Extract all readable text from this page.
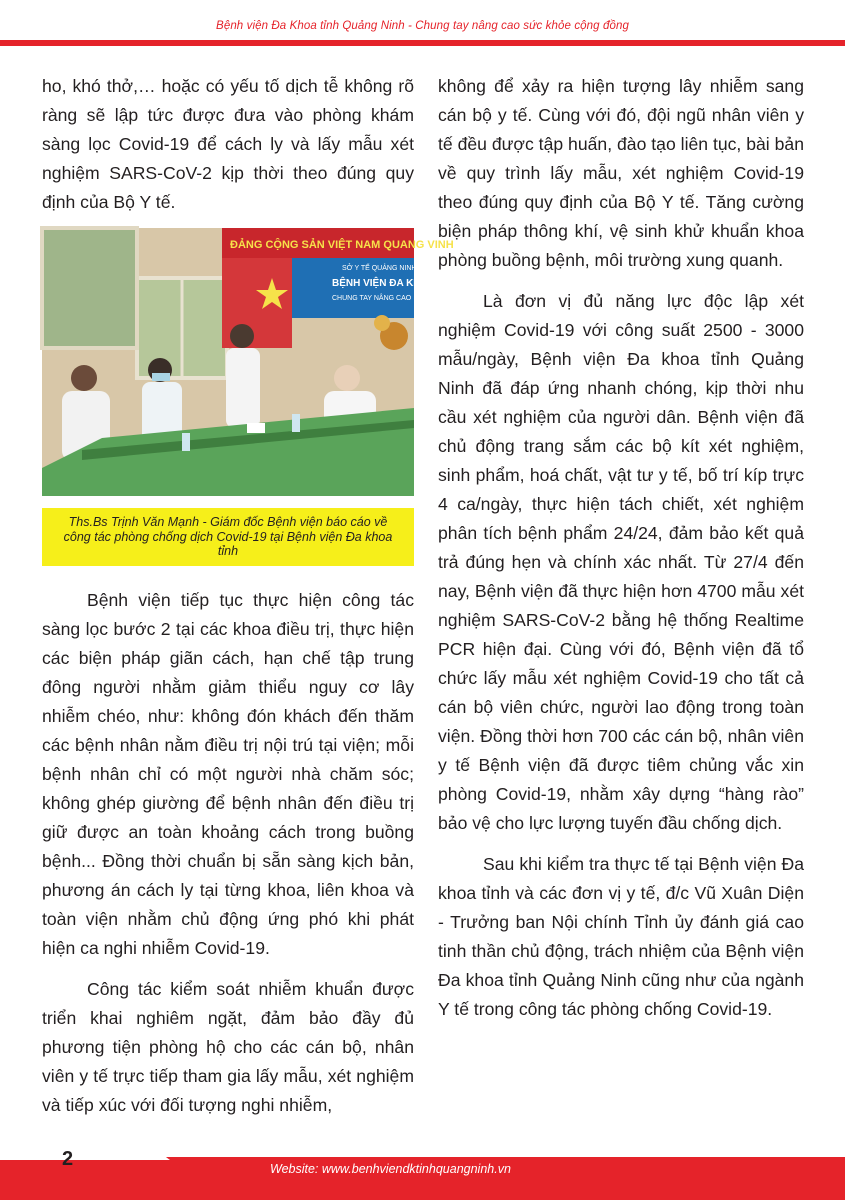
Bệnh viện Đa Khoa tỉnh Quảng Ninh - Chung tay nâng cao sức khỏe cộng đồng

ho, khó thở,… hoặc có yếu tố dịch tễ không rõ ràng sẽ lập tức được đưa vào phòng khám sàng lọc Covid-19 để cách ly và lấy mẫu xét nghiệm SARS-CoV-2 kịp thời theo đúng quy định của Bộ Y tế.

ĐẢNG CỘNG SẢN VIỆT NAM QUANG VINH
SỞ Y TẾ QUẢNG NINH
BỆNH VIỆN ĐA KHOA
CHUNG TAY NÂNG CAO
Ths.Bs Trịnh Văn Mạnh - Giám đốc Bệnh viện báo cáo về công tác phòng chống dịch Covid-19 tại Bệnh viện Đa khoa tỉnh

Bệnh viện tiếp tục thực hiện công tác sàng lọc bước 2 tại các khoa điều trị, thực hiện các biện pháp giãn cách, hạn chế tập trung đông người nhằm giảm thiểu nguy cơ lây nhiễm chéo, như: không đón khách đến thăm các bệnh nhân nằm điều trị nội trú tại viện; mỗi bệnh nhân chỉ có một người nhà chăm sóc; không ghép giường để bệnh nhân đến điều trị giữ được an toàn khoảng cách trong buồng bệnh... Đồng thời chuẩn bị sẵn sàng kịch bản, phương án cách ly tại từng khoa, liên khoa và toàn viện nhằm chủ động ứng phó khi phát hiện ca nghi nhiễm Covid-19.

Công tác kiểm soát nhiễm khuẩn được triển khai nghiêm ngặt, đảm bảo đầy đủ phương tiện phòng hộ cho các cán bộ, nhân viên y tế trực tiếp tham gia lấy mẫu, xét nghiệm và tiếp xúc với đối tượng nghi nhiễm,

không để xảy ra hiện tượng lây nhiễm sang cán bộ y tế. Cùng với đó, đội ngũ nhân viên y tế đều được tập huấn, đào tạo liên tục, bài bản về quy trình lấy mẫu, xét nghiệm Covid-19 theo đúng quy định của Bộ Y tế. Tăng cường biện pháp thông khí, vệ sinh khử khuẩn khoa phòng buồng bệnh, môi trường xung quanh.

Là đơn vị đủ năng lực độc lập xét nghiệm Covid-19 với công suất 2500 - 3000 mẫu/ngày, Bệnh viện Đa khoa tỉnh Quảng Ninh đã đáp ứng nhanh chóng, kịp thời nhu cầu xét nghiệm của người dân. Bệnh viện đã chủ động trang sắm các bộ kít xét nghiệm, sinh phẩm, hoá chất, vật tư y tế, bố trí kíp trực 4 ca/ngày, thực hiện tách chiết, xét nghiệm phân tích bệnh phẩm 24/24, đảm bảo kết quả trả đúng hẹn và chính xác nhất. Từ 27/4 đến nay, Bệnh viện đã thực hiện hơn 4700 mẫu xét nghiệm SARS-CoV-2 bằng hệ thống Realtime PCR hiện đại. Cùng với đó, Bệnh viện đã tổ chức lấy mẫu xét nghiệm Covid-19 cho tất cả cán bộ viên chức, người lao động trong toàn viện. Đồng thời hơn 700 các cán bộ, nhân viên y tế Bệnh viện đã được tiêm chủng vắc xin phòng Covid-19, nhằm xây dựng “hàng rào” bảo vệ cho lực lượng tuyến đầu chống dịch.

Sau khi kiểm tra thực tế tại Bệnh viện Đa khoa tỉnh và các đơn vị y tế, đ/c Vũ Xuân Diện - Trưởng ban Nội chính Tỉnh ủy đánh giá cao tinh thần chủ động, trách nhiệm của Bệnh viện Đa khoa tỉnh Quảng Ninh cũng như của ngành Y tế trong công tác phòng chống Covid-19.

2	Website: www.benhviendktinhquangninh.vn
